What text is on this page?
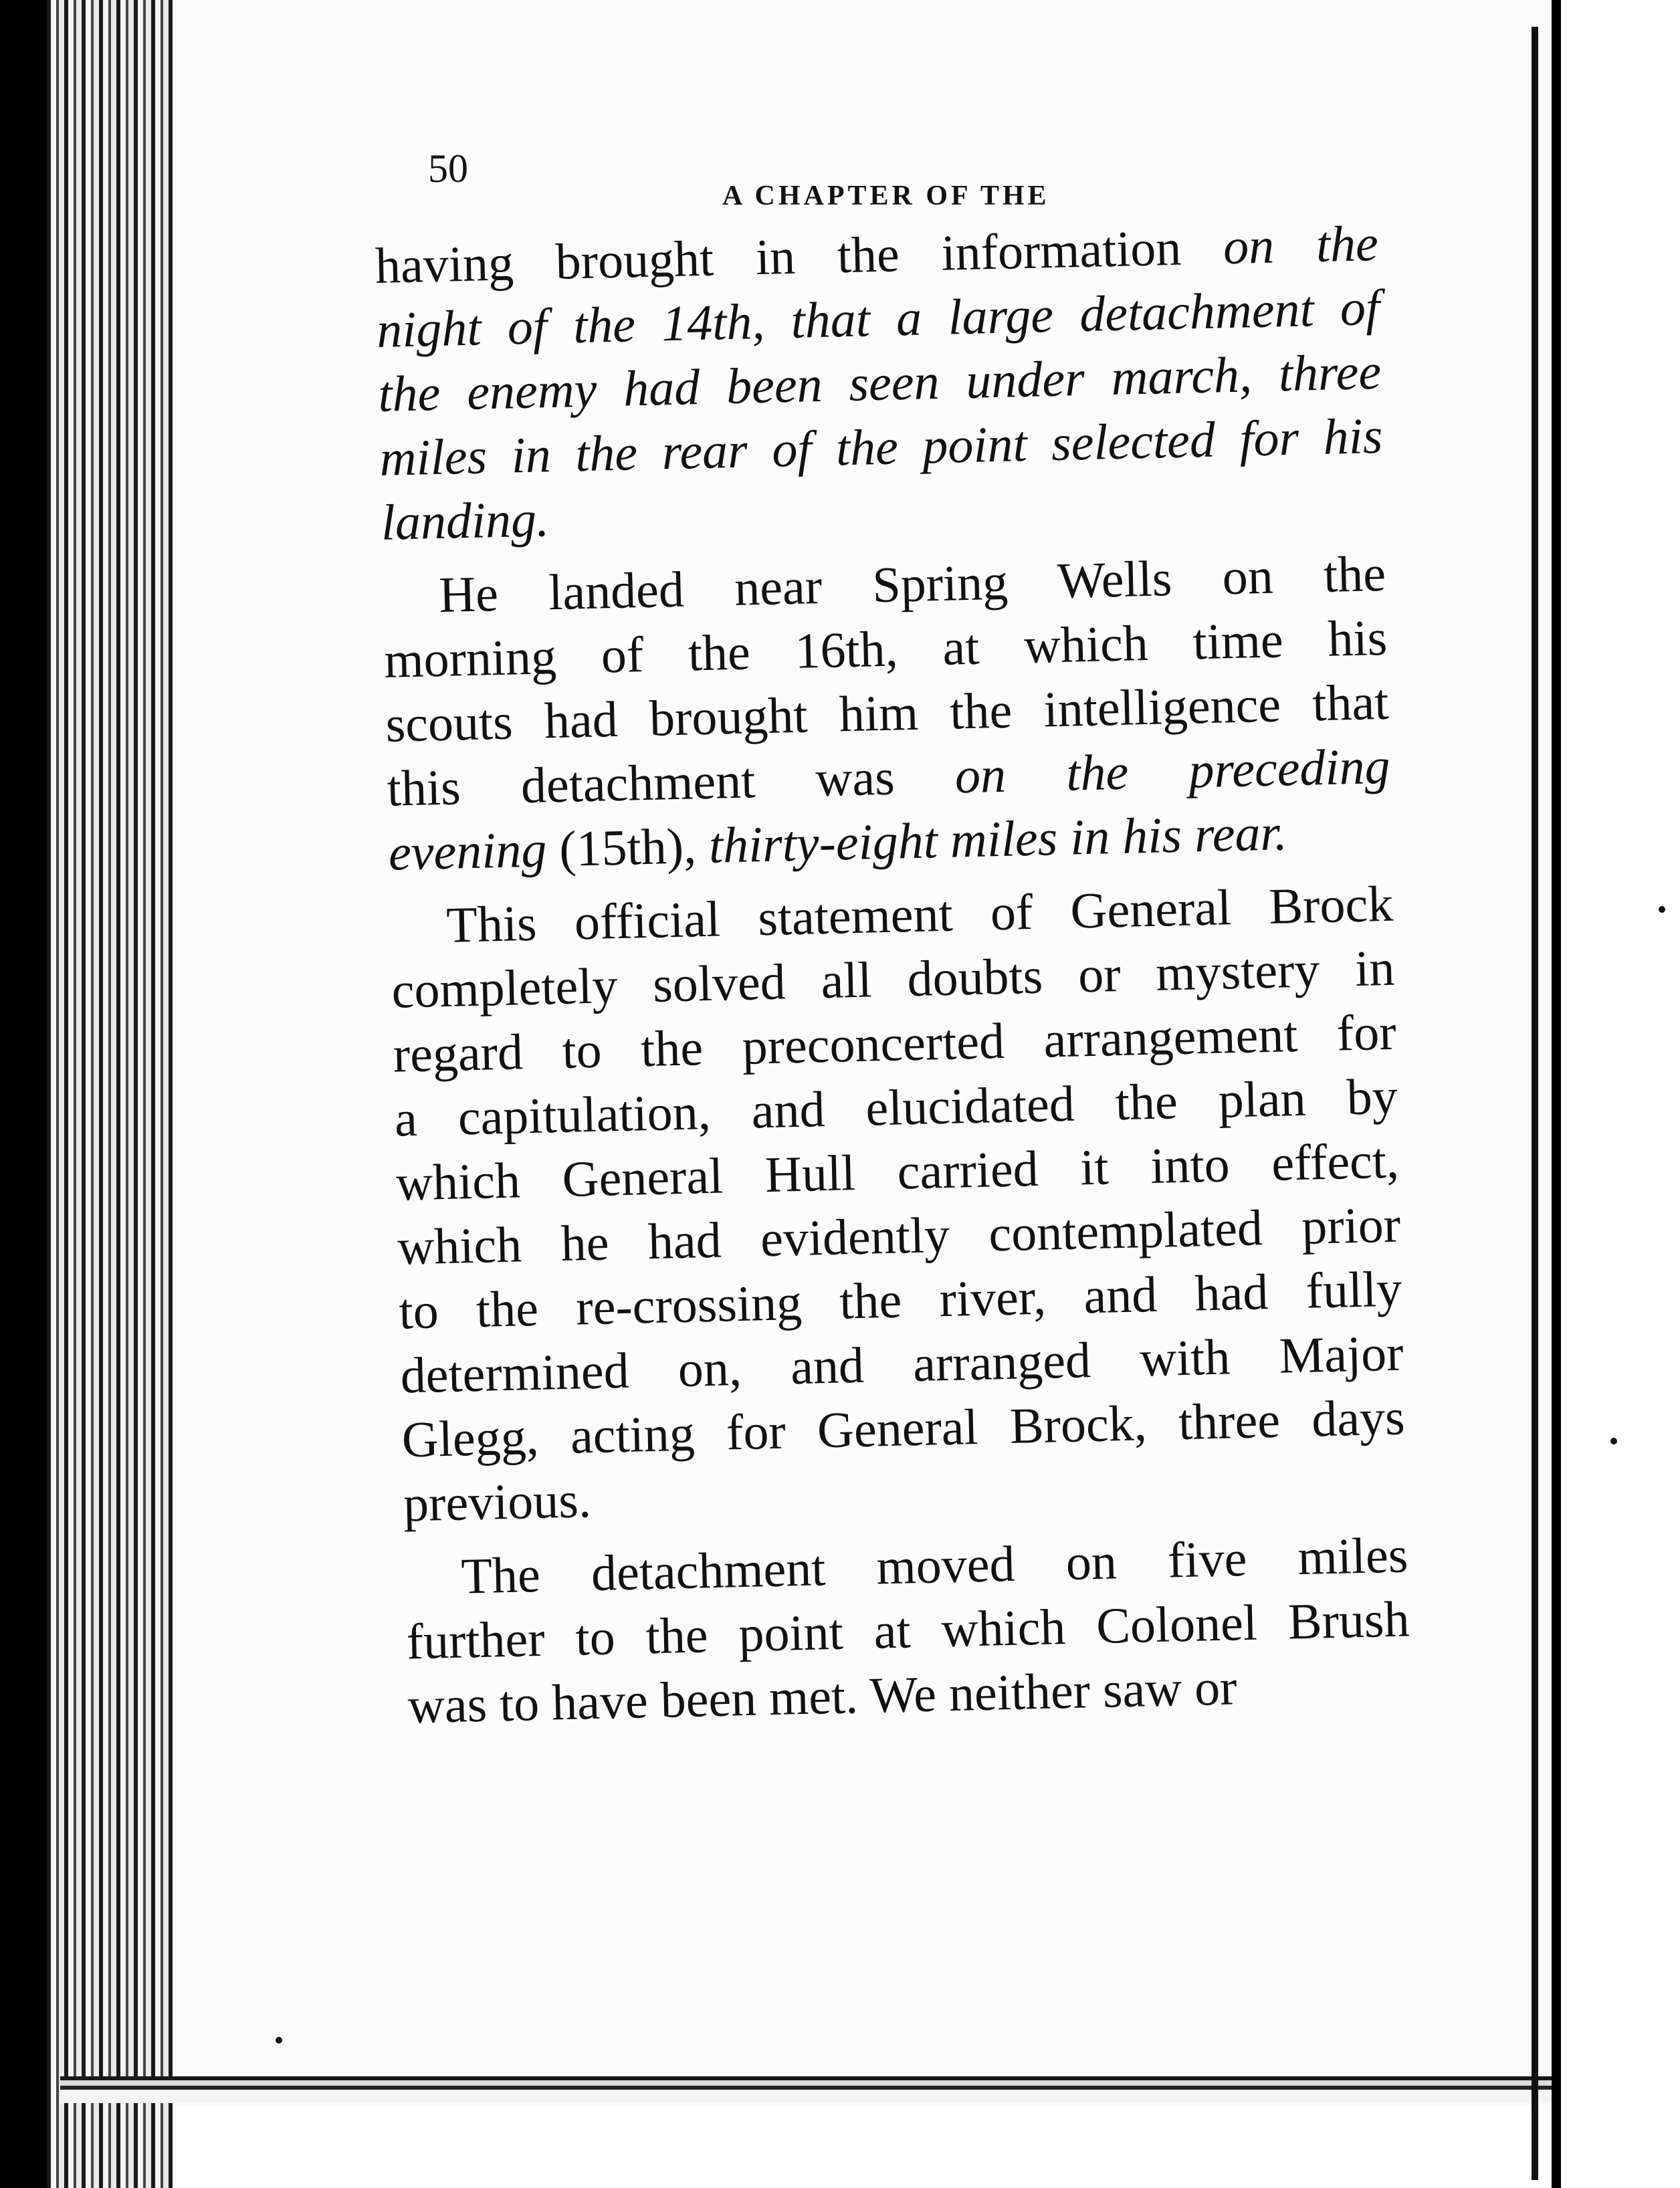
50
A CHAPTER OF THE
having brought in the information on the
night of the 14th, that a large detachment of
the enemy had been seen under march, three
miles in the rear of the point selected for his
landing.
He landed near Spring Wells on the
morning of the 16th, at which time his
scouts had brought him the intelligence that
this detachment was on the preceding
evening (15th), thirty-eight miles in his rear.
This official statement of General Brock
completely solved all doubts or mystery in
regard to the preconcerted arrangement for
a capitulation, and elucidated the plan by
which General Hull carried it into effect,
which he had evidently contemplated prior
to the re-crossing the river, and had fully
determined on, and arranged with Major
Glegg, acting for General Brock, three days
previous.
The detachment moved on five miles
further to the point at which Colonel Brush
was to have been met. We neither saw or
